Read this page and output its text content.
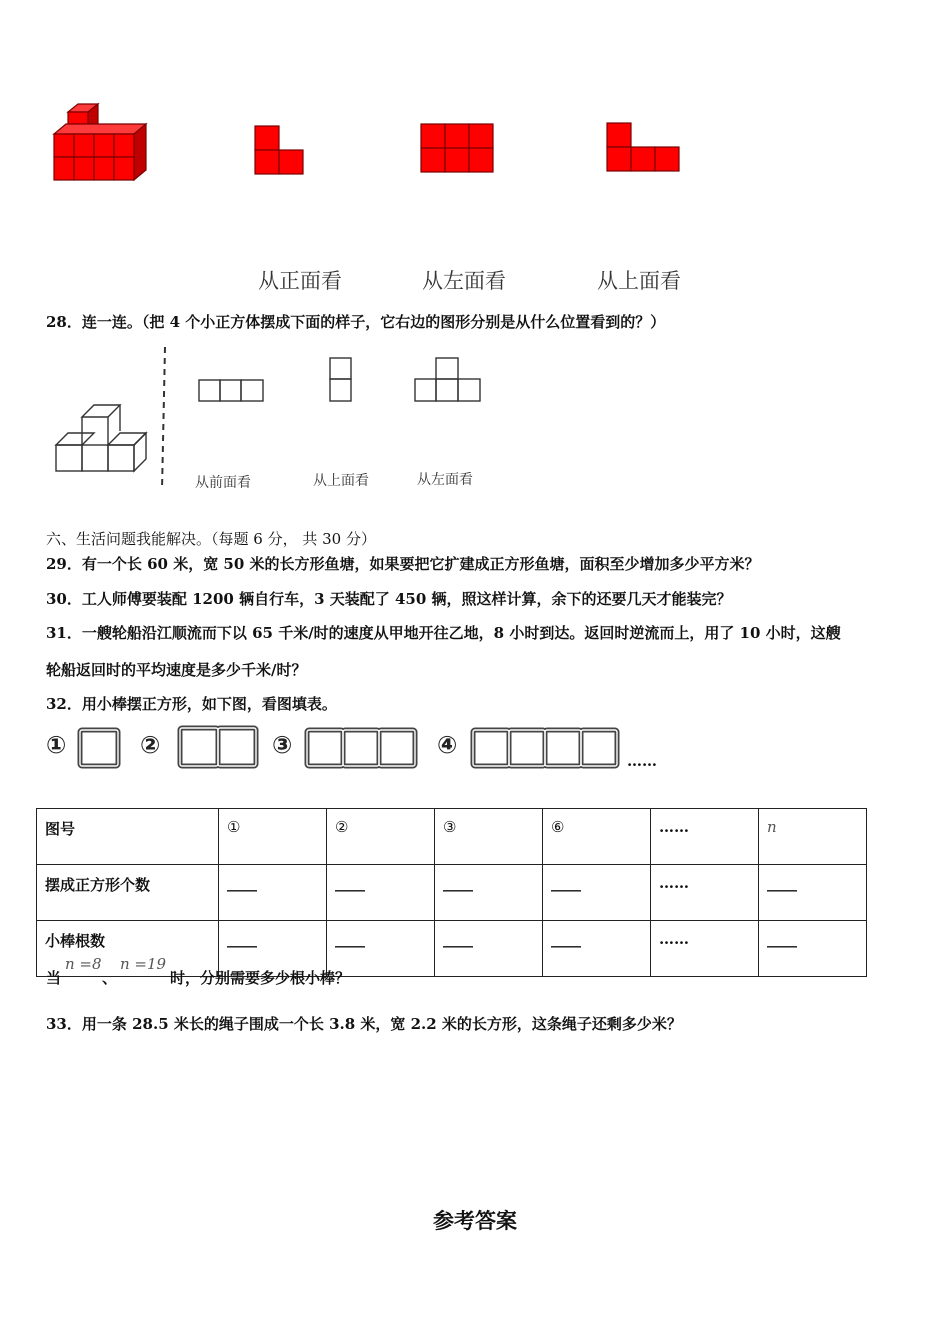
从正面看	从左面看	从上面看
28．连一连。（把 4 个小正方体摆成下面的样子，它右边的图形分别是从什么位置看到的？）
从前面看	从上面看	从左面看
六、生活问题我能解决。（每题 6 分， 共 30 分）
29．有一个长 60 米，宽 50 米的长方形鱼塘，如果要把它扩建成正方形鱼塘，面积至少增加多少平方米？
30．工人师傅要装配 1200 辆自行车，3 天装配了 450 辆，照这样计算，余下的还要几天才能装完？
31．一艘轮船沿江顺流而下以 65 千米/时的速度从甲地开往乙地，8 小时到达。返回时逆流而上，用了 10 小时，这艘
轮船返回时的平均速度是多少千米/时？
32．用小棒摆正方形，如下图，看图填表。
①	②	③	④
……
图号	①	②	③	⑥	……	n
摆成正方形个数	____	____	____	____	……	____
小棒根数	____	____	____	____	……	____
当
n =8
、
n =19
时，分别需要多少根小棒？
33．用一条 28.5 米长的绳子围成一个长 3.8 米，宽 2.2 米的长方形，这条绳子还剩多少米？
参考答案
